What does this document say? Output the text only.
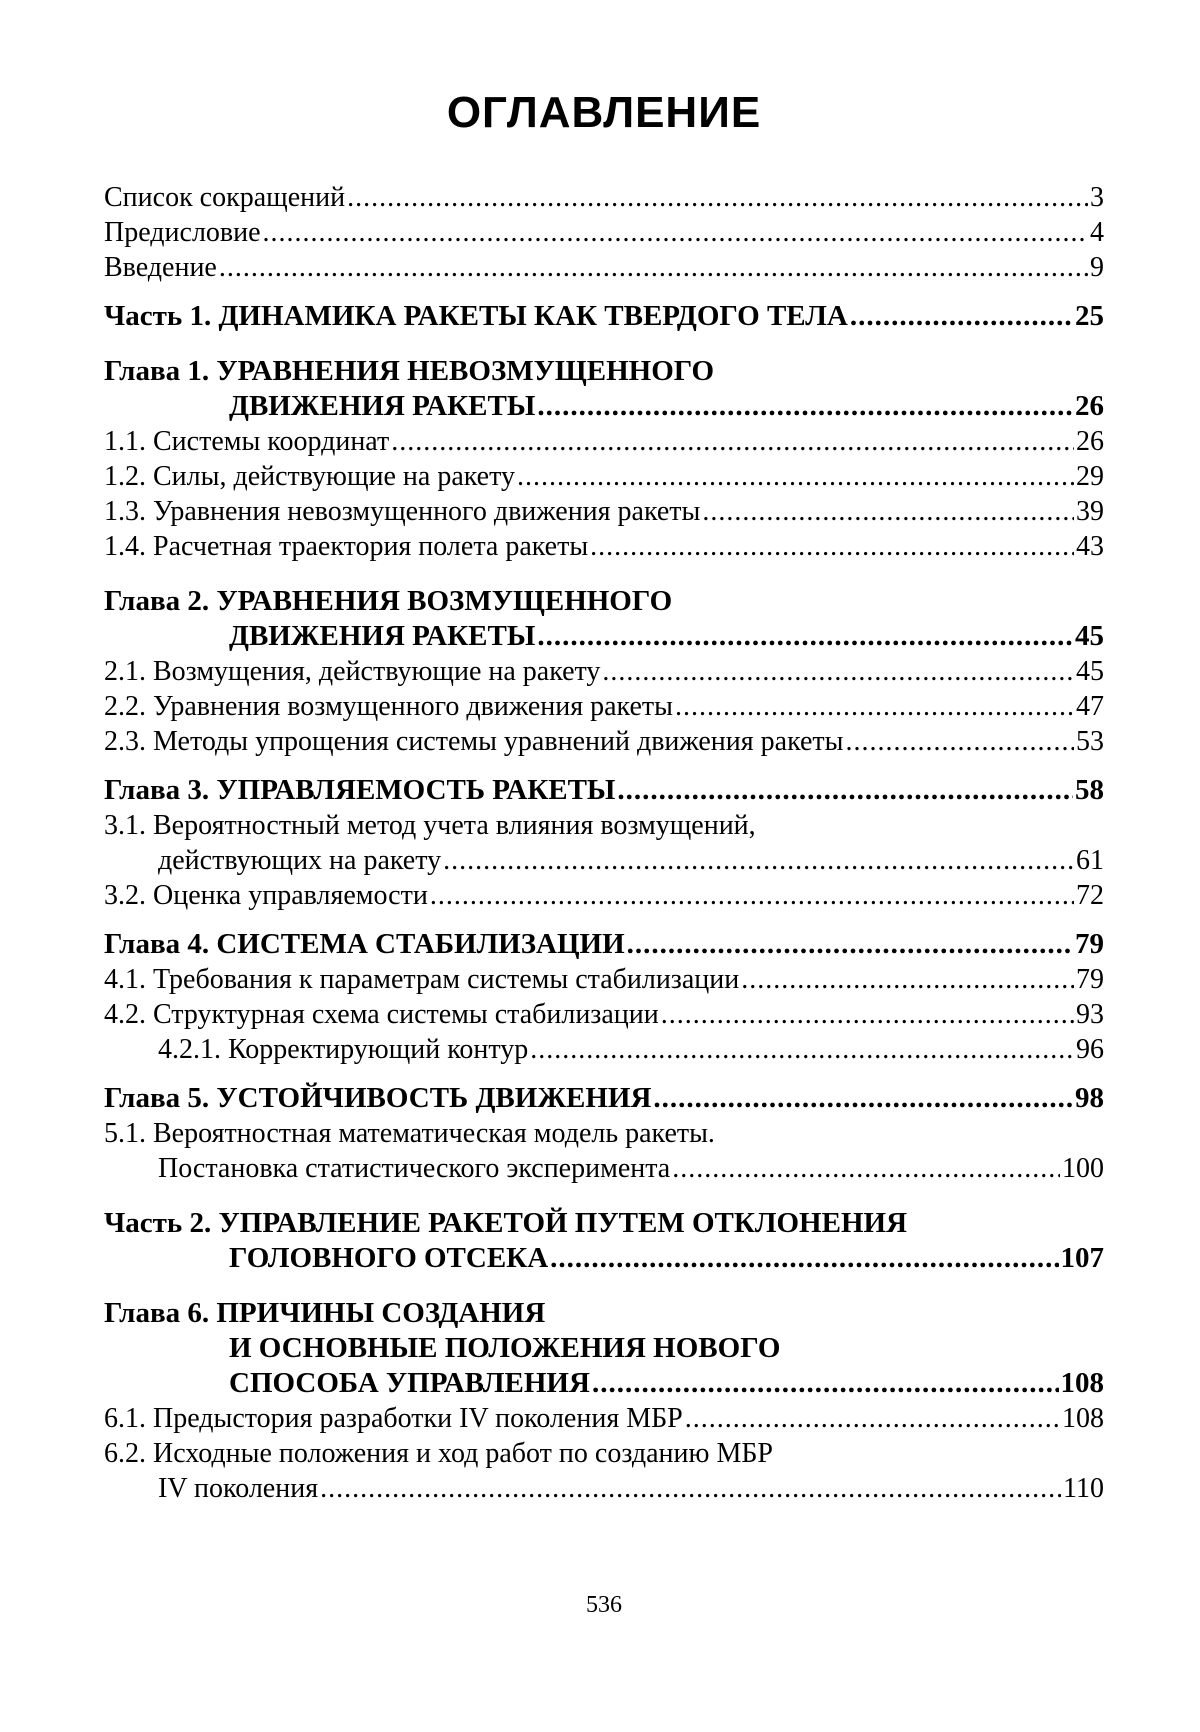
ОГЛАВЛЕНИЕ
Список сокращений .....	3
Предисловие .....	4
Введение .....	9
Часть 1. ДИНАМИКА РАКЕТЫ КАК ТВЕРДОГО ТЕЛА .....	25
Глава 1. УРАВНЕНИЯ НЕВОЗМУЩЕННОГО
ДВИЖЕНИЯ РАКЕТЫ .....	26
1.1. Системы координат .....	26
1.2. Силы, действующие на ракету .....	29
1.3. Уравнения невозмущенного движения ракеты .....	39
1.4. Расчетная траектория полета ракеты .....	43
Глава 2. УРАВНЕНИЯ ВОЗМУЩЕННОГО
ДВИЖЕНИЯ РАКЕТЫ .....	45
2.1. Возмущения, действующие на ракету .....	45
2.2. Уравнения возмущенного движения ракеты .....	47
2.3. Методы упрощения системы уравнений движения ракеты .....	53
Глава 3. УПРАВЛЯЕМОСТЬ РАКЕТЫ .....	58
3.1. Вероятностный метод учета влияния возмущений,
действующих на ракету .....	61
3.2. Оценка управляемости .....	72
Глава 4. СИСТЕМА СТАБИЛИЗАЦИИ .....	79
4.1. Требования к параметрам системы стабилизации .....	79
4.2. Структурная схема системы стабилизации .....	93
4.2.1. Корректирующий контур .....	96
Глава 5. УСТОЙЧИВОСТЬ ДВИЖЕНИЯ .....	98
5.1. Вероятностная математическая модель ракеты.
Постановка статистического эксперимента .....	100
Часть 2. УПРАВЛЕНИЕ РАКЕТОЙ ПУТЕМ ОТКЛОНЕНИЯ
ГОЛОВНОГО ОТСЕКА .....	107
Глава 6. ПРИЧИНЫ СОЗДАНИЯ
И ОСНОВНЫЕ ПОЛОЖЕНИЯ НОВОГО
СПОСОБА УПРАВЛЕНИЯ .....	108
6.1. Предыстория разработки IV поколения МБР .....	108
6.2. Исходные положения и ход работ по созданию МБР
IV поколения .....	110
536
